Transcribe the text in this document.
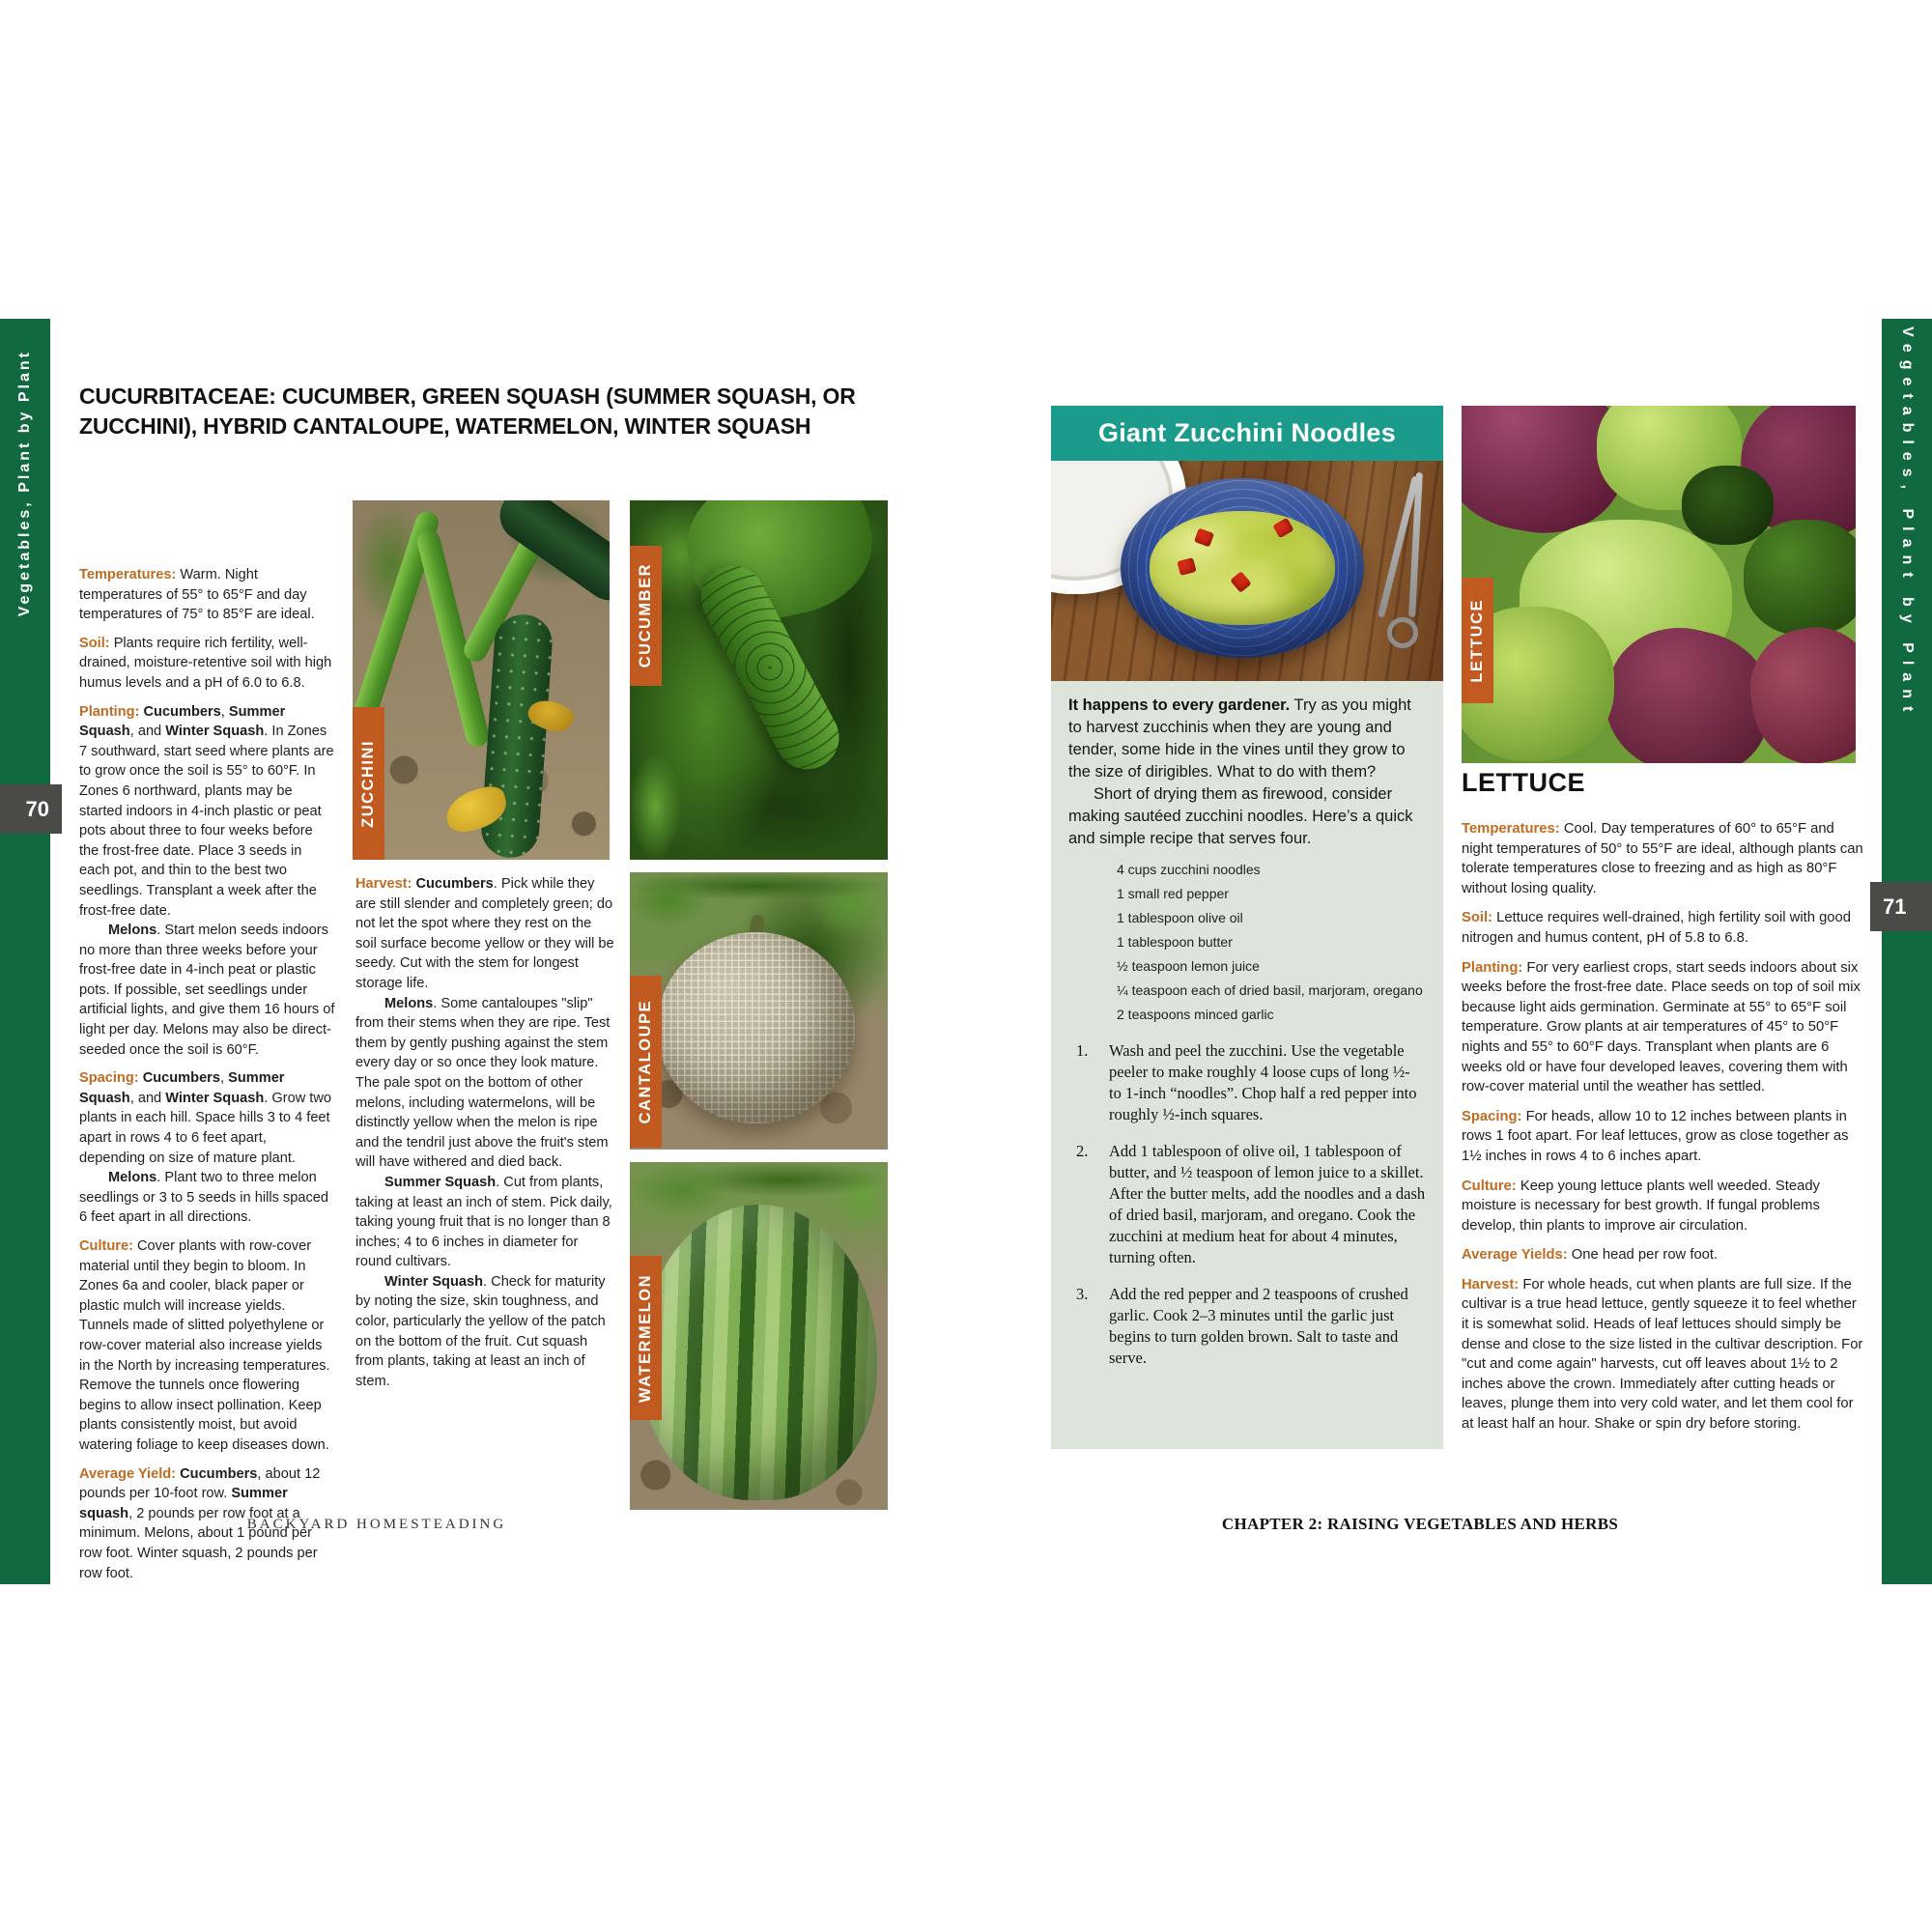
Vegetables, Plant by Plant	Vegetables, Plant by Plant
70
71
CUCURBITACEAE: CUCUMBER, GREEN SQUASH (SUMMER SQUASH, OR ZUCCHINI), HYBRID CANTALOUPE, WATERMELON, WINTER SQUASH

Temperatures: Warm. Night temperatures of 55° to 65°F and day temperatures of 75° to 85°F are ideal.

Soil: Plants require rich fertility, well-drained, moisture-retentive soil with high humus levels and a pH of 6.0 to 6.8.

Planting: Cucumbers, Summer Squash, and Winter Squash. In Zones 7 southward, start seed where plants are to grow once the soil is 55° to 60°F. In Zones 6 northward, plants may be started indoors in 4-inch plastic or peat pots about three to four weeks before the frost-free date. Place 3 seeds in each pot, and thin to the best two seedlings. Transplant a week after the frost-free date.

Melons. Start melon seeds indoors no more than three weeks before your frost-free date in 4-inch peat or plastic pots. If possible, set seedlings under artificial lights, and give them 16 hours of light per day. Melons may also be direct-seeded once the soil is 60°F.

Spacing: Cucumbers, Summer Squash, and Winter Squash. Grow two plants in each hill. Space hills 3 to 4 feet apart in rows 4 to 6 feet apart, depending on size of mature plant.

Melons. Plant two to three melon seedlings or 3 to 5 seeds in hills spaced 6 feet apart in all directions.

Culture: Cover plants with row-cover material until they begin to bloom. In Zones 6a and cooler, black paper or plastic mulch will increase yields. Tunnels made of slitted polyethylene or row-cover material also increase yields in the North by increasing temperatures. Remove the tunnels once flowering begins to allow insect pollination. Keep plants consistently moist, but avoid watering foliage to keep diseases down.

Average Yield: Cucumbers, about 12 pounds per 10-foot row. Summer squash, 2 pounds per row foot at a minimum. Melons, about 1 pound per row foot. Winter squash, 2 pounds per row foot.

ZUCCHINI
CUCUMBER
CANTALOUPE
WATERMELON

Harvest: Cucumbers. Pick while they are still slender and completely green; do not let the spot where they rest on the soil surface become yellow or they will be seedy. Cut with the stem for longest storage life.

Melons. Some cantaloupes "slip" from their stems when they are ripe. Test them by gently pushing against the stem every day or so once they look mature. The pale spot on the bottom of other melons, including watermelons, will be distinctly yellow when the melon is ripe and the tendril just above the fruit's stem will have withered and died back.

Summer Squash. Cut from plants, taking at least an inch of stem. Pick daily, taking young fruit that is no longer than 8 inches; 4 to 6 inches in diameter for round cultivars.

Winter Squash. Check for maturity by noting the size, skin toughness, and color, particularly the yellow of the patch on the bottom of the fruit. Cut squash from plants, taking at least an inch of stem.

BACKYARD HOMESTEADING
Giant Zucchini Noodles

It happens to every gardener. Try as you might to harvest zucchinis when they are young and tender, some hide in the vines until they grow to the size of dirigibles. What to do with them?

Short of drying them as firewood, consider making sautéed zucchini noodles. Here’s a quick and simple recipe that serves four.

4 cups zucchini noodles
1 small red pepper
1 tablespoon olive oil
1 tablespoon butter
½ teaspoon lemon juice
¼ teaspoon each of dried basil, marjoram, oregano
2 teaspoons minced garlic
1. Wash and peel the zucchini. Use the vegetable peeler to make roughly 4 loose cups of long ½- to 1-inch “noodles”. Chop half a red pepper into roughly ½-inch squares.
2. Add 1 tablespoon of olive oil, 1 tablespoon of butter, and ½ teaspoon of lemon juice to a skillet. After the butter melts, add the noodles and a dash of dried basil, marjoram, and oregano. Cook the zucchini at medium heat for about 4 minutes, turning often.
3. Add the red pepper and 2 teaspoons of crushed garlic. Cook 2–3 minutes until the garlic just begins to turn golden brown. Salt to taste and serve.
LETTUCE
LETTUCE

Temperatures: Cool. Day temperatures of 60° to 65°F and night temperatures of 50° to 55°F are ideal, although plants can tolerate temperatures close to freezing and as high as 80°F without losing quality.

Soil: Lettuce requires well-drained, high fertility soil with good nitrogen and humus content, pH of 5.8 to 6.8.

Planting: For very earliest crops, start seeds indoors about six weeks before the frost-free date. Place seeds on top of soil mix because light aids germination. Germinate at 55° to 65°F soil temperature. Grow plants at air temperatures of 45° to 50°F nights and 55° to 60°F days. Transplant when plants are 6 weeks old or have four developed leaves, covering them with row-cover material until the weather has settled.

Spacing: For heads, allow 10 to 12 inches between plants in rows 1 foot apart. For leaf lettuces, grow as close together as 1½ inches in rows 4 to 6 inches apart.

Culture: Keep young lettuce plants well weeded. Steady moisture is necessary for best growth. If fungal problems develop, thin plants to improve air circulation.

Average Yields: One head per row foot.

Harvest: For whole heads, cut when plants are full size. If the cultivar is a true head lettuce, gently squeeze it to feel whether it is somewhat solid. Heads of leaf lettuces should simply be dense and close to the size listed in the cultivar description. For "cut and come again" harvests, cut off leaves about 1½ to 2 inches above the crown. Immediately after cutting heads or leaves, plunge them into very cold water, and let them cool for at least half an hour. Shake or spin dry before storing.

CHAPTER 2: RAISING VEGETABLES AND HERBS
